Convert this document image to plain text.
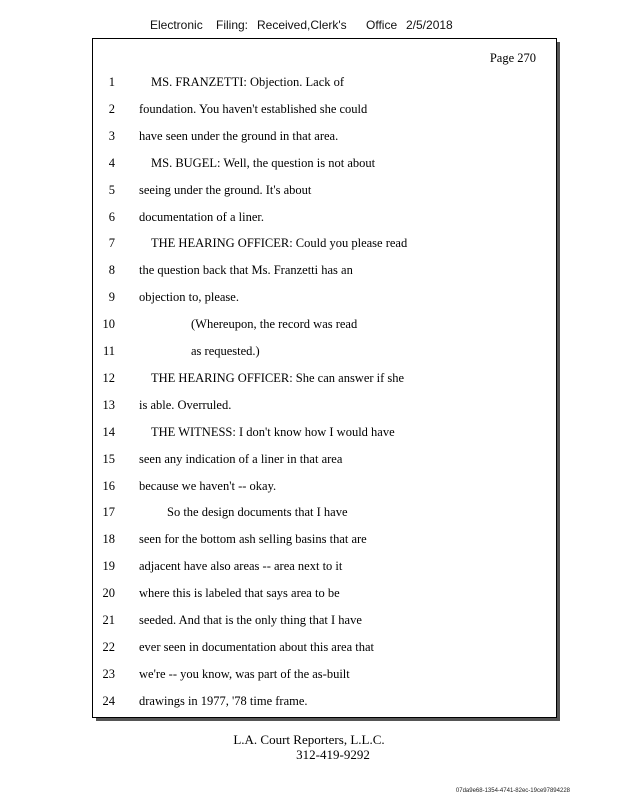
Electronic Filing: Received,Clerk's Office 2/5/2018
Page 270
1	MS. FRANZETTI: Objection. Lack of
2 foundation. You haven't established she could
3 have seen under the ground in that area.
4	MS. BUGEL: Well, the question is not about
5 seeing under the ground. It's about
6 documentation of a liner.
7	THE HEARING OFFICER: Could you please read
8 the question back that Ms. Franzetti has an
9 objection to, please.
10	(Whereupon, the record was read
11	as requested.)
12	THE HEARING OFFICER: She can answer if she
13 is able. Overruled.
14	THE WITNESS: I don't know how I would have
15 seen any indication of a liner in that area
16 because we haven't -- okay.
17	So the design documents that I have
18 seen for the bottom ash selling basins that are
19 adjacent have also areas -- area next to it
20 where this is labeled that says area to be
21 seeded. And that is the only thing that I have
22 ever seen in documentation about this area that
23 we're -- you know, was part of the as-built
24 drawings in 1977, '78 time frame.
L.A. Court Reporters, L.L.C.
312-419-9292
07da9e68-1354-4741-82ec-19ce97894228
